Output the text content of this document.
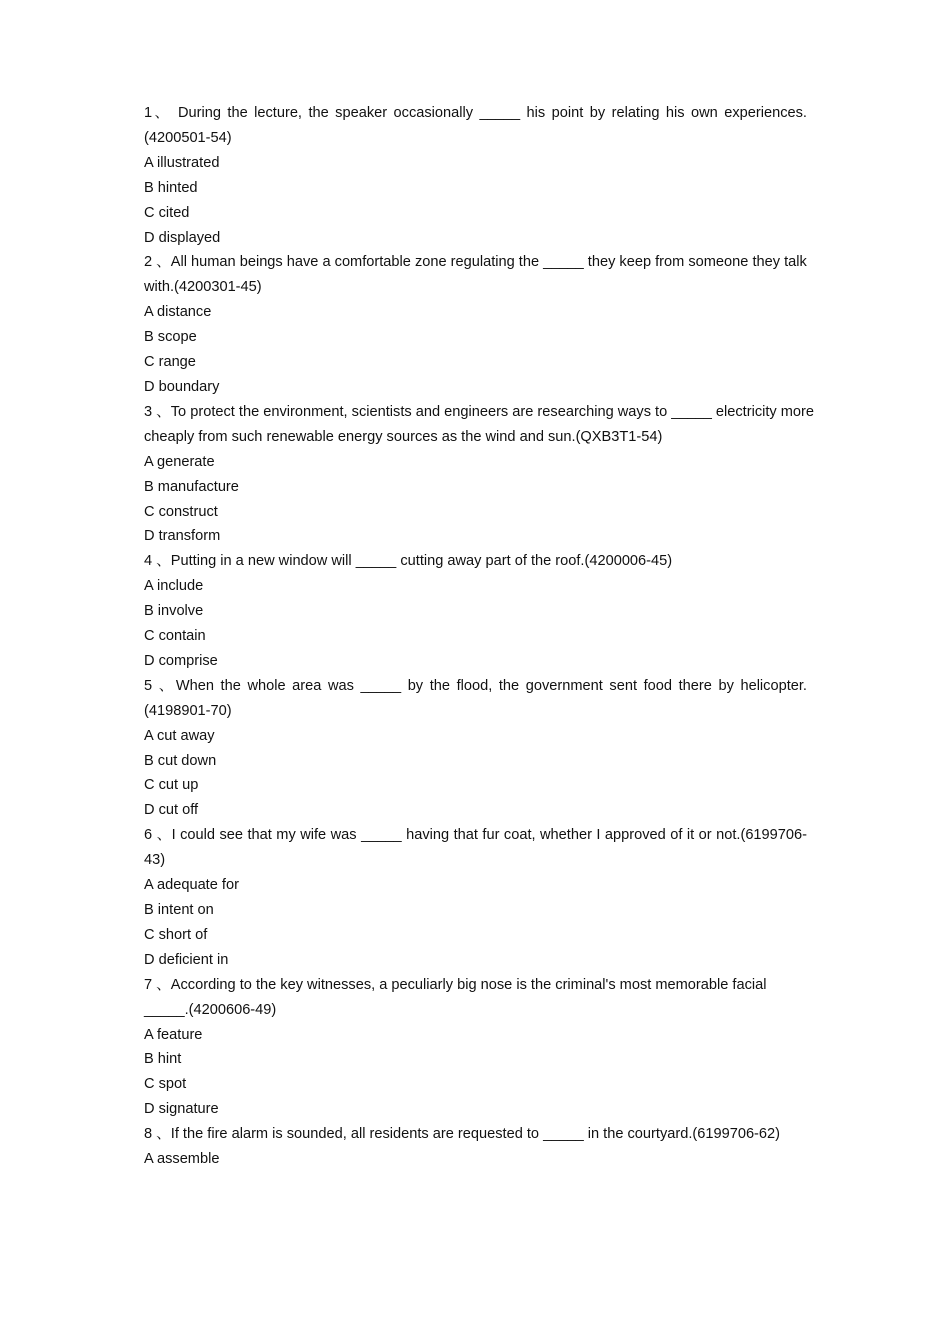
1、 During the lecture, the speaker occasionally _____ his point by relating his own experiences.(4200501-54)

A illustrated

B hinted

C cited

D displayed

2 、All human beings have a comfortable zone regulating the _____ they keep from someone they talk with.(4200301-45)

A distance

B scope

C range

D boundary

3 、To protect the environment, scientists and engineers are researching ways to _____ electricity more cheaply from such renewable energy sources as the wind and sun.(QXB3T1-54)

A generate

B manufacture

C construct

D transform

4 、Putting in a new window will _____ cutting away part of the roof.(4200006-45)

A include

B involve

C contain

D comprise

5 、When the whole area was _____ by the flood, the government sent food there by helicopter.(4198901-70)

A cut away

B cut down

C cut up

D cut off

6 、I could see that my wife was _____ having that fur coat, whether I approved of it or not.(6199706-43)

A adequate for

B intent on

C short of

D deficient in

7 、According to the key witnesses, a peculiarly big nose is the criminal's most memorable facial _____.(4200606-49)

A feature

B hint

C spot

D signature

8 、If the fire alarm is sounded, all residents are requested to _____ in the courtyard.(6199706-62)

A assemble
